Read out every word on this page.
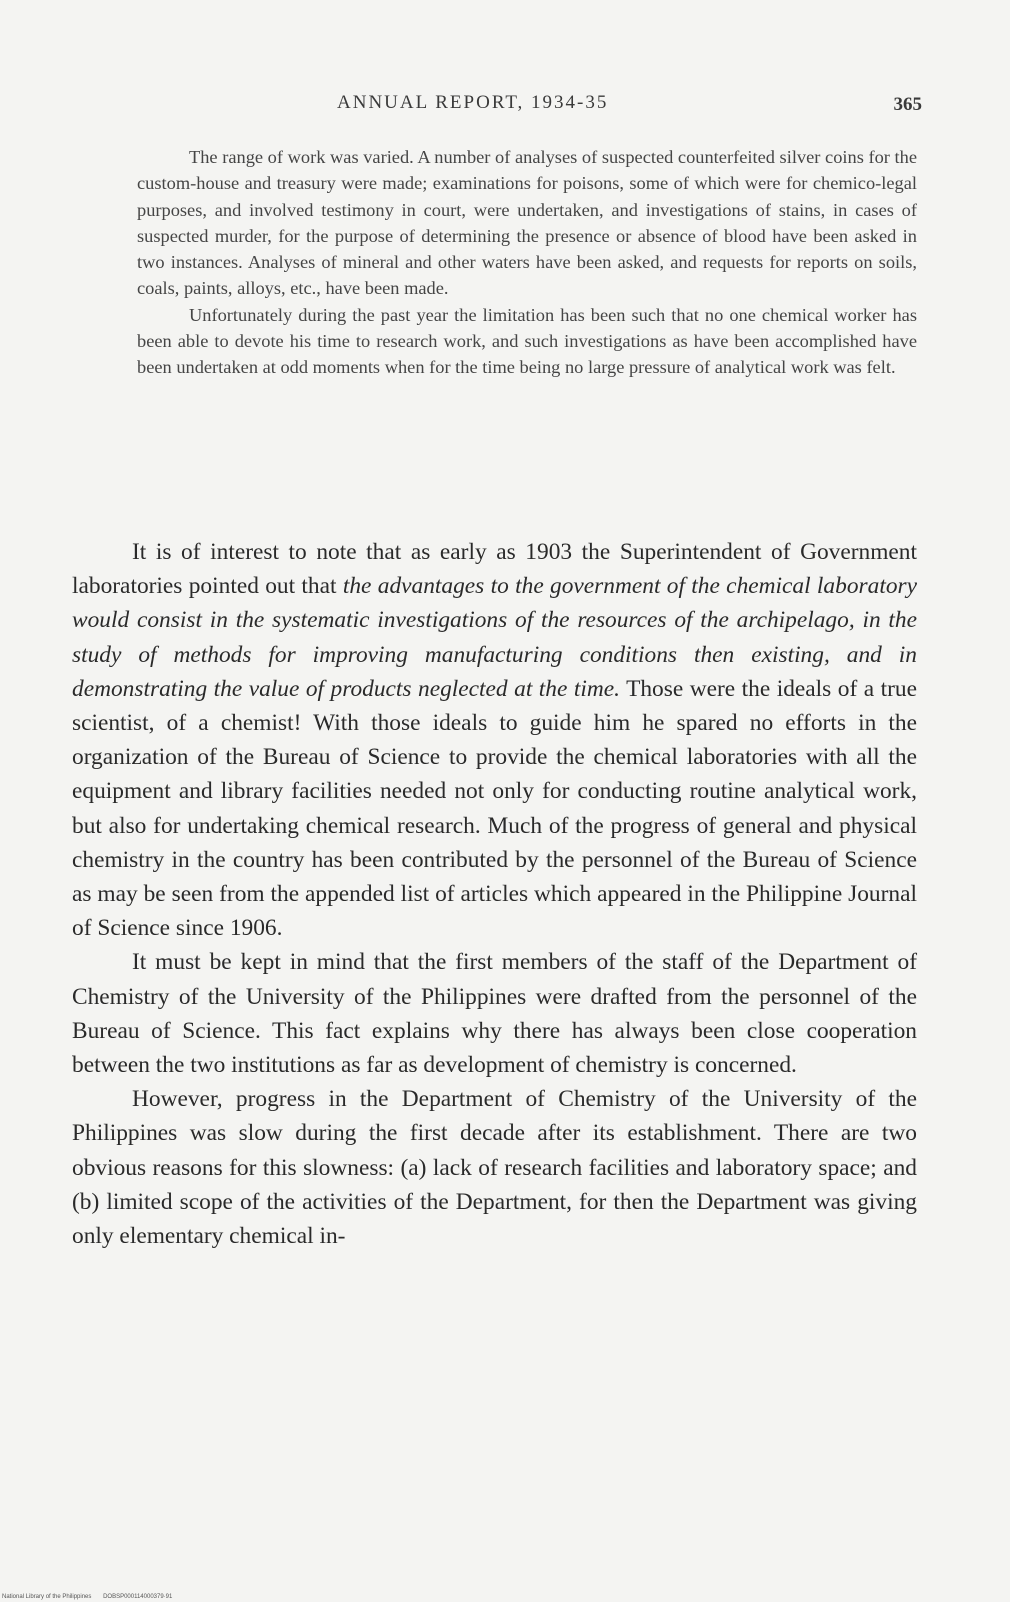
ANNUAL REPORT, 1934-35	365

The range of work was varied. A number of analyses of suspected counterfeited silver coins for the custom-house and treasury were made; examinations for poisons, some of which were for chemico-legal purposes, and involved testimony in court, were undertaken, and investigations of stains, in cases of suspected murder, for the purpose of determining the presence or absence of blood have been asked in two instances. Analyses of mineral and other waters have been asked, and requests for reports on soils, coals, paints, alloys, etc., have been made.

Unfortunately during the past year the limitation has been such that no one chemical worker has been able to devote his time to research work, and such investigations as have been accomplished have been undertaken at odd moments when for the time being no large pressure of analytical work was felt.

It is of interest to note that as early as 1903 the Superintendent of Government laboratories pointed out that the advantages to the government of the chemical laboratory would consist in the systematic investigations of the resources of the archipelago, in the study of methods for improving manufacturing conditions then existing, and in demonstrating the value of products neglected at the time. Those were the ideals of a true scientist, of a chemist! With those ideals to guide him he spared no efforts in the organization of the Bureau of Science to provide the chemical laboratories with all the equipment and library facilities needed not only for conducting routine analytical work, but also for undertaking chemical research. Much of the progress of general and physical chemistry in the country has been contributed by the personnel of the Bureau of Science as may be seen from the appended list of articles which appeared in the Philippine Journal of Science since 1906.

It must be kept in mind that the first members of the staff of the Department of Chemistry of the University of the Philippines were drafted from the personnel of the Bureau of Science. This fact explains why there has always been close cooperation between the two institutions as far as development of chemistry is concerned.

However, progress in the Department of Chemistry of the University of the Philippines was slow during the first decade after its establishment. There are two obvious reasons for this slowness: (a) lack of research facilities and laboratory space; and (b) limited scope of the activities of the Department, for then the Department was giving only elementary chemical in-

National Library of the Philippines DOBSP000114000379·91
